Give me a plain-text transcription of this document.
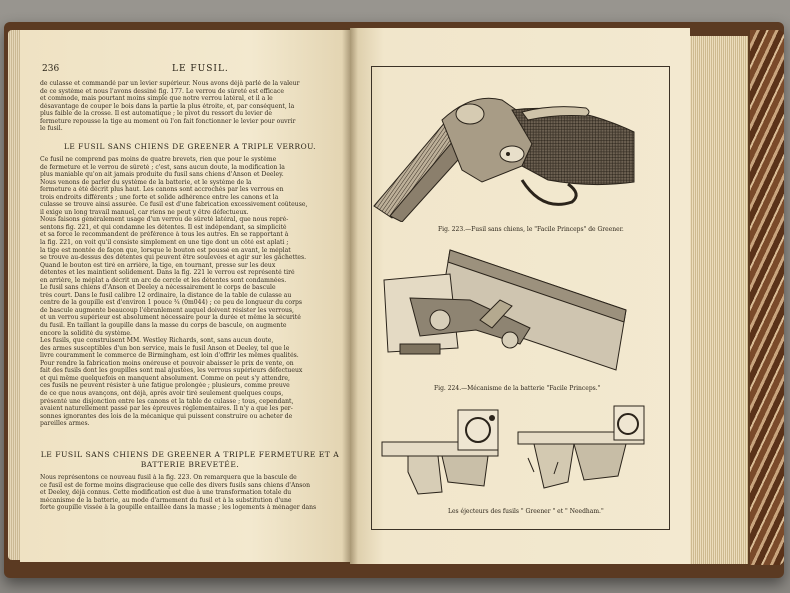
236	LE FUSIL.
de culasse et commandé par un levier supérieur. Nous avons déjà parlé de la valeur
de ce système et nous l'avons dessiné fig. 177. Le verrou de sûreté est efficace
et commode, mais pourtant moins simple que notre verrou latéral, et il a le
désavantage de couper le bois dans la partie la plus étroite, et, par conséquent, la
plus faible de la crosse. Il est automatique ; le pivot du ressort du levier de
fermeture repousse la tige au moment où l'on fait fonctionner le levier pour ouvrir
le fusil.
LE FUSIL SANS CHIENS DE GREENER A TRIPLE VERROU.
Ce fusil ne comprend pas moins de quatre brevets, rien que pour le système
de fermeture et le verrou de sûreté ; c'est, sans aucun doute, la modification la
plus maniable qu'on ait jamais produite du fusil sans chiens d'Anson et Deeley.
Nous venons de parler du système de la batterie, et le système de la
fermeture a été décrit plus haut. Les canons sont accrochés par les verrous en
trois endroits différents ; une forte et solide adhérence entre les canons et la
culasse se trouve ainsi assurée. Ce fusil est d'une fabrication excessivement coûteuse,
il exige un long travail manuel, car riens ne peut y être défectueux.
Nous faisons généralement usage d'un verrou de sûreté latéral, que nous repré-
sentons fig. 221, et qui condamne les détentes. Il est indépendant, sa simplicité
et sa force le recommandent de préférence à tous les autres. En se rapportant à
la fig. 221, on voit qu'il consiste simplement en une tige dont un côté est aplati ;
la tige est montée de façon que, lorsque le bouton est poussé en avant, le méplat
se trouve au-dessus des détentes qui peuvent être soulevées et agir sur les gâchettes.
Quand le bouton est tiré en arrière, la tige, en tournant, presse sur les deux
détentes et les maintient solidement. Dans la fig. 221 le verrou est représenté tiré
en arrière, le méplat a décrit un arc de cercle et les détentes sont condamnées.
Le fusil sans chiens d'Anson et Deeley a nécessairement le corps de bascule
très court. Dans le fusil calibre 12 ordinaire, la distance de la table de culasse au
centre de la goupille est d'environ 1 pouce ¾ (0m044) ; ce peu de longueur du corps
de bascule augmente beaucoup l'ébranlement auquel doivent résister les verrous,
et un verrou supérieur est absolument nécessaire pour la durée et même la sécurité
du fusil. En taillant la goupille dans la masse du corps de bascule, on augmente
encore la solidité du système.
Les fusils, que construisent MM. Westley Richards, sont, sans aucun doute,
des armes susceptibles d'un bon service, mais le fusil Anson et Deeley, tel que le
livre couramment le commerce de Birmingham, est loin d'offrir les mêmes qualités.
Pour rendre la fabrication moins onéreuse et pouvoir abaisser le prix de vente, on
fait des fusils dont les goupilles sont mal ajustées, les verrous supérieurs défectueux
et qui même quelquefois en manquent absolument. Comme on peut s'y attendre,
ces fusils ne peuvent résister à une fatigue prolongée ; plusieurs, comme preuve
de ce que nous avançons, ont déjà, après avoir tiré seulement quelques coups,
présenté une disjonction entre les canons et la table de culasse ; tous, cependant,
avaient naturellement passé par les épreuves réglementaires. Il n'y a que les per-
sonnes ignorantes des lois de la mécanique qui puissent construire ou acheter de
pareilles armes.
LE FUSIL SANS CHIENS DE GREENER A TRIPLE FERMETURE ET A
BATTERIE BREVETÉE.
Nous représentons ce nouveau fusil à la fig. 223. On remarquera que la bascule de
ce fusil est de forme moins disgracieuse que celle des divers fusils sans chiens d'Anson
et Deeley, déjà connus. Cette modification est due à une transformation totale du
mécanisme de la batterie, au mode d'armement du fusil et à la substitution d'une
forte goupille vissée à la goupille entaillée dans la masse ; les logements à ménager dans
Fig. 223.—Fusil sans chiens, le "Facile Princeps" de Greener.
Fig. 224.—Mécanisme de la batterie "Facile Princeps."
Les éjecteurs des fusils " Greener " et " Needham."
